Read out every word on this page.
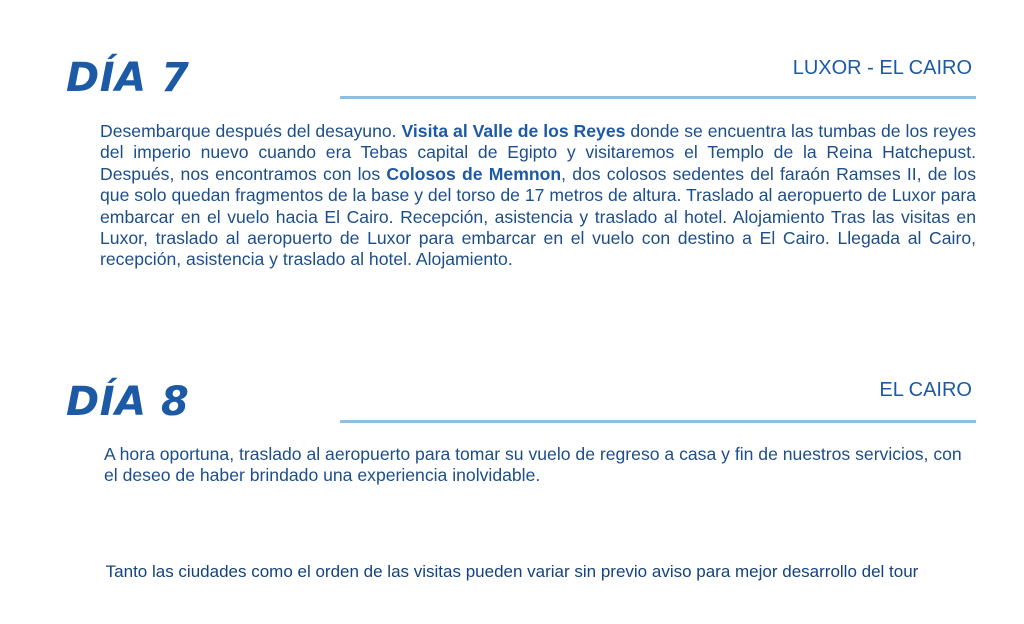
DÍA 7	LUXOR - EL CAIRO

Desembarque después del desayuno. Visita al Valle de los Reyes donde se encuentra las tumbas de los reyes del imperio nuevo cuando era Tebas capital de Egipto y visitaremos el Templo de la Reina Hatchepust. Después, nos encontramos con los Colosos de Memnon, dos colosos sedentes del faraón Ramses II, de los que solo quedan fragmentos de la base y del torso de 17 metros de altura. Traslado al aeropuerto de Luxor para embarcar en el vuelo hacia El Cairo. Recepción, asistencia y traslado al hotel. Alojamiento Tras las visitas en Luxor, traslado al aeropuerto de Luxor para embarcar en el vuelo con destino a El Cairo. Llegada al Cairo, recepción, asistencia y traslado al hotel. Alojamiento.

DÍA 8	EL CAIRO

A hora oportuna, traslado al aeropuerto para tomar su vuelo de regreso a casa y fin de nuestros servicios, con el deseo de haber brindado una experiencia inolvidable.

Tanto las ciudades como el orden de las visitas pueden variar sin previo aviso para mejor desarrollo del tour
